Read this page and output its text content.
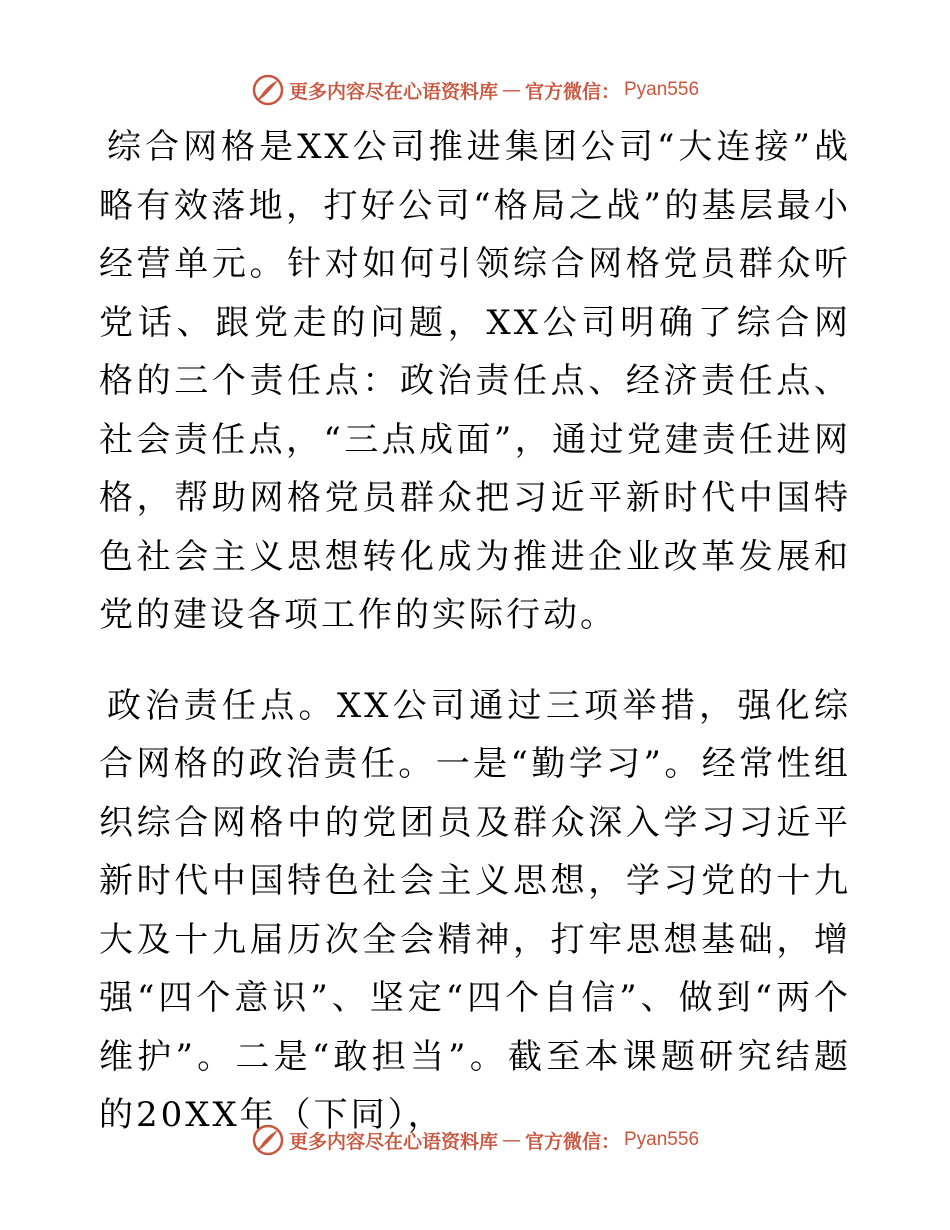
更多内容尽在心语资料库 — 官方微信： Pyan556

综合网格是XX公司推进集团公司“大连接”战略有效落地，打好公司“格局之战”的基层最小经营单元。针对如何引领综合网格党员群众听党话、跟党走的问题，XX公司明确了综合网格的三个责任点：政治责任点、经济责任点、社会责任点，“三点成面”，通过党建责任进网格，帮助网格党员群众把习近平新时代中国特色社会主义思想转化成为推进企业改革发展和党的建设各项工作的实际行动。

政治责任点。XX公司通过三项举措，强化综合网格的政治责任。一是“勤学习”。经常性组织综合网格中的党团员及群众深入学习习近平新时代中国特色社会主义思想，学习党的十九大及十九届历次全会精神，打牢思想基础，增强“四个意识”、坚定“四个自信”、做到“两个维护”。二是“敢担当”。截至本课题研究结题的20XX年（下同），

更多内容尽在心语资料库 — 官方微信： Pyan556
